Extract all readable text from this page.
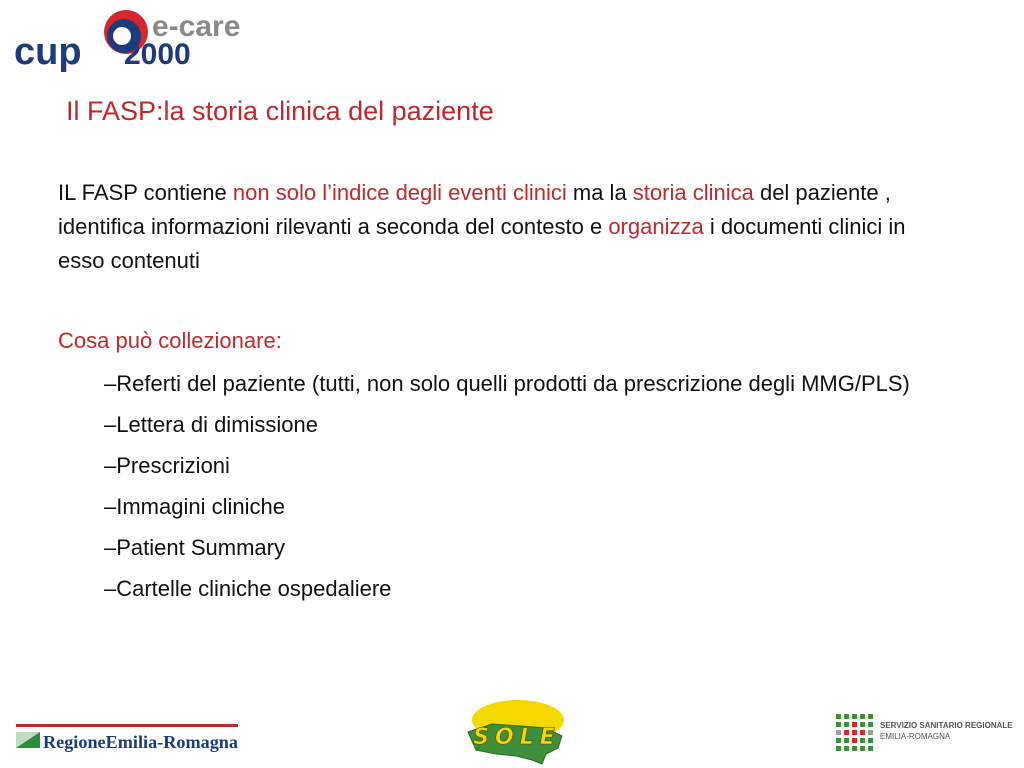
cup
e-care
2000
Il FASP:la storia clinica del paziente
IL FASP contiene non solo l’indice degli eventi clinici ma la storia clinica del paziente , identifica informazioni rilevanti a seconda del contesto e organizza i documenti clinici in esso contenuti
Cosa può collezionare:
–Referti del paziente (tutti, non solo quelli prodotti da prescrizione degli MMG/PLS)
–Lettera di dimissione
–Prescrizioni
–Immagini cliniche
–Patient Summary
–Cartelle cliniche ospedaliere
RegioneEmilia-Romagna	SOLE	SERVIZIO SANITARIO REGIONALE
EMILIA-ROMAGNA
